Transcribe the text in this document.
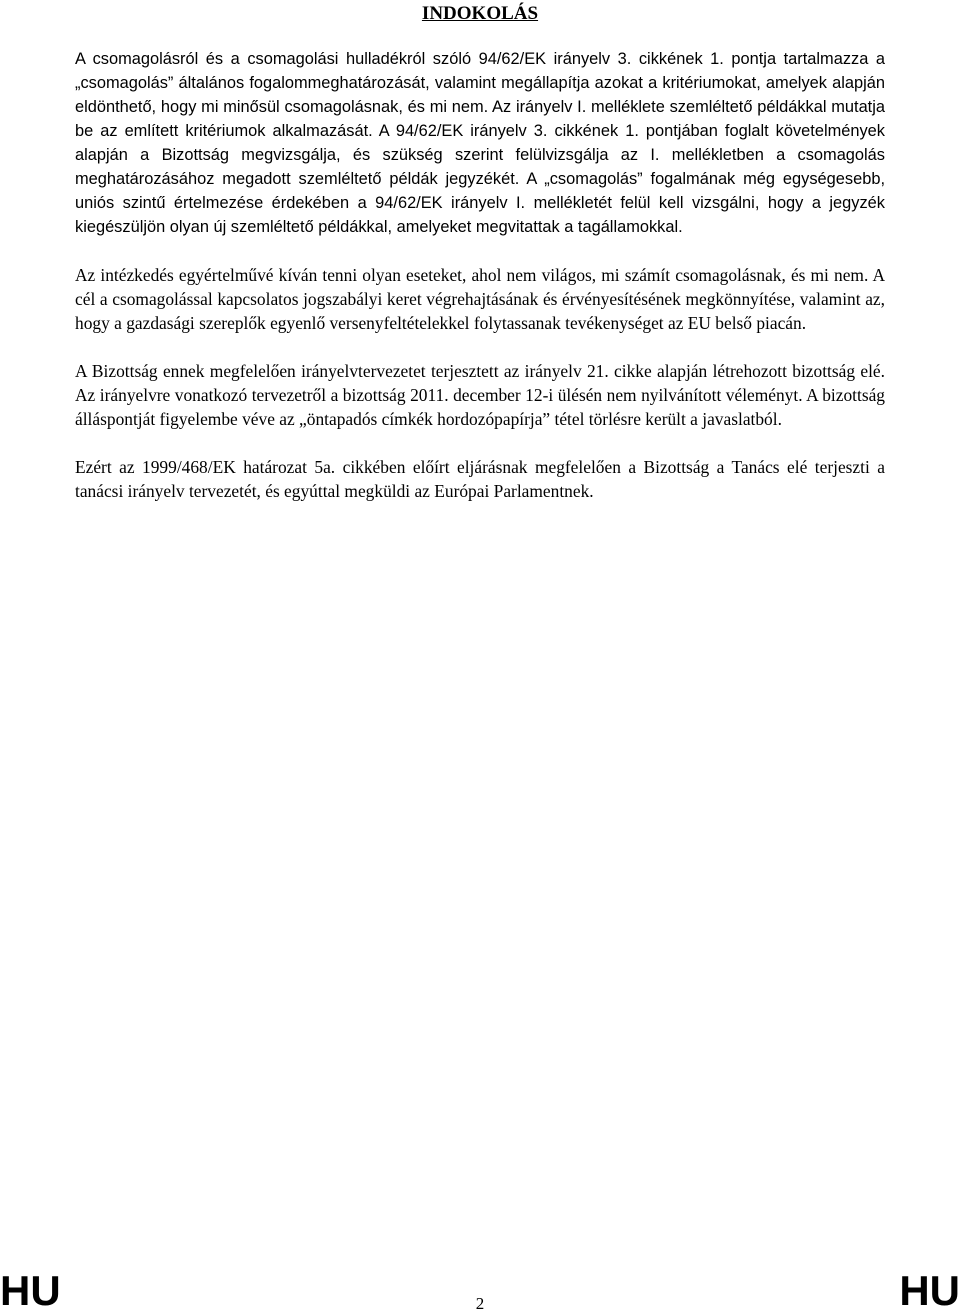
INDOKOLÁS

A csomagolásról és a csomagolási hulladékról szóló 94/62/EK irányelv 3. cikkének 1. pontja tartalmazza a „csomagolás” általános fogalommeghatározását, valamint megállapítja azokat a kritériumokat, amelyek alapján eldönthető, hogy mi minősül csomagolásnak, és mi nem. Az irányelv I. melléklete szemléltető példákkal mutatja be az említett kritériumok alkalmazását. A 94/62/EK irányelv 3. cikkének 1. pontjában foglalt követelmények alapján a Bizottság megvizsgálja, és szükség szerint felülvizsgálja az I. mellékletben a csomagolás meghatározásához megadott szemléltető példák jegyzékét. A „csomagolás” fogalmának még egységesebb, uniós szintű értelmezése érdekében a 94/62/EK irányelv I. mellékletét felül kell vizsgálni, hogy a jegyzék kiegészüljön olyan új szemléltető példákkal, amelyeket megvitattak a tagállamokkal.

Az intézkedés egyértelművé kíván tenni olyan eseteket, ahol nem világos, mi számít csomagolásnak, és mi nem. A cél a csomagolással kapcsolatos jogszabályi keret végrehajtásának és érvényesítésének megkönnyítése, valamint az, hogy a gazdasági szereplők egyenlő versenyfeltételekkel folytassanak tevékenységet az EU belső piacán.

A Bizottság ennek megfelelően irányelvtervezetet terjesztett az irányelv 21. cikke alapján létrehozott bizottság elé. Az irányelvre vonatkozó tervezetről a bizottság 2011. december 12-i ülésén nem nyilvánított véleményt. A bizottság álláspontját figyelembe véve az „öntapadós címkék hordozópapírja” tétel törlésre került a javaslatból.

Ezért az 1999/468/EK határozat 5a. cikkében előírt eljárásnak megfelelően a Bizottság a Tanács elé terjeszti a tanácsi irányelv tervezetét, és egyúttal megküldi az Európai Parlamentnek.

HU	2	HU
